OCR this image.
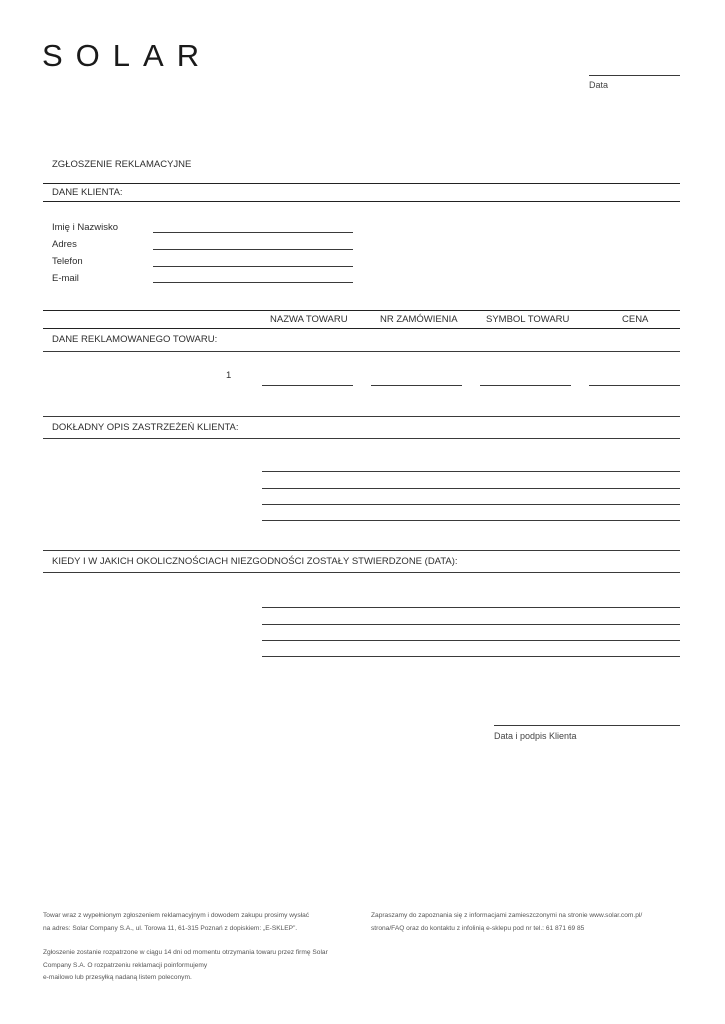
SOLAR
Data
ZGŁOSZENIE REKLAMACYJNE
DANE KLIENTA:
Imię i Nazwisko
Adres
Telefon
E-mail
NAZWA TOWARU	NR ZAMÓWIENIA	SYMBOL TOWARU	CENA
DANE REKLAMOWANEGO TOWARU:
1
DOKŁADNY OPIS ZASTRZEŻEŃ KLIENTA:
KIEDY I W JAKICH OKOLICZNOŚCIACH NIEZGODNOŚCI ZOSTAŁY STWIERDZONE (DATA):
Data i podpis Klienta
Towar wraz z wypełnionym zgłoszeniem reklamacyjnym i dowodem zakupu prosimy wysłać
na adres: Solar Company S.A., ul. Torowa 11, 61-315 Poznań z dopiskiem: „E-SKLEP”.
Zgłoszenie zostanie rozpatrzone w ciągu 14 dni od momentu otrzymania towaru przez firmę Solar
Company S.A. O rozpatrzeniu reklamacji poinformujemy
e-mailowo lub przesyłką nadaną listem poleconym.
Zapraszamy do zapoznania się z informacjami zamieszczonymi na stronie www.solar.com.pl/
strona/FAQ oraz do kontaktu z infolinią e-sklepu pod nr tel.: 61 871 69 85
